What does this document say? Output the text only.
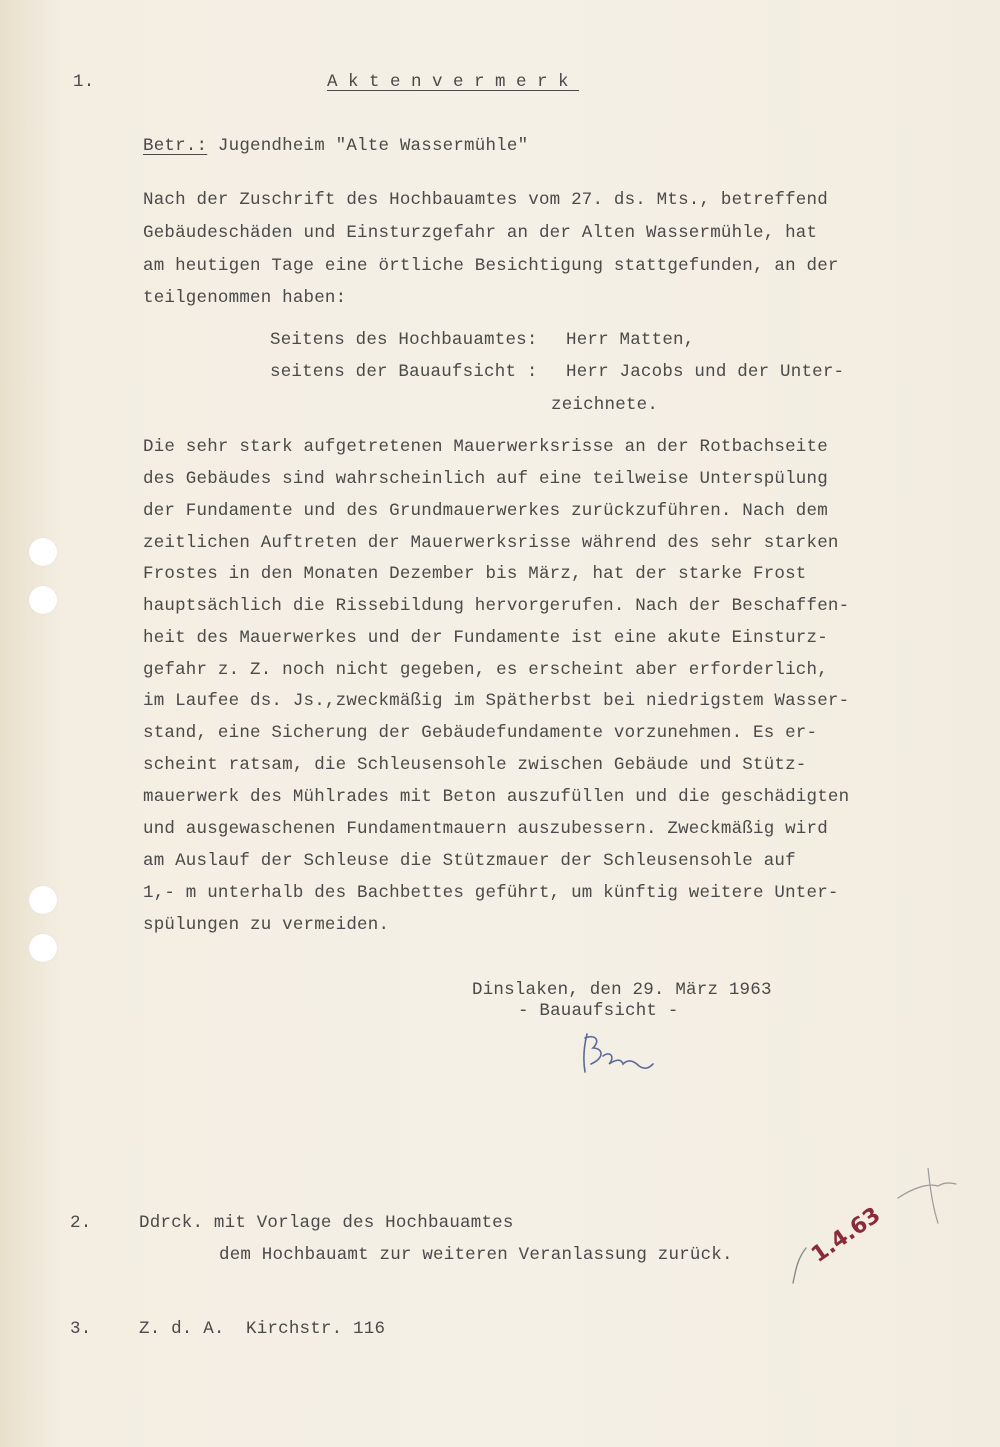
1.
2.
3.
Aktenvermerk
Betr.: Jugendheim "Alte Wassermühle"
Nach der Zuschrift des Hochbauamtes vom 27. ds. Mts., betreffend
Gebäudeschäden und Einsturzgefahr an der Alten Wassermühle, hat
am heutigen Tage eine örtliche Besichtigung stattgefunden, an der
teilgenommen haben:
Seitens des Hochbauamtes: Herr Matten,
seitens der Bauaufsicht : Herr Jacobs und der Unter-
zeichnete.
Die sehr stark aufgetretenen Mauerwerksrisse an der Rotbachseite
des Gebäudes sind wahrscheinlich auf eine teilweise Unterspülung
der Fundamente und des Grundmauerwerkes zurückzuführen. Nach dem
zeitlichen Auftreten der Mauerwerksrisse während des sehr starken
Frostes in den Monaten Dezember bis März, hat der starke Frost
hauptsächlich die Rissebildung hervorgerufen. Nach der Beschaffen-
heit des Mauerwerkes und der Fundamente ist eine akute Einsturz-
gefahr z. Z. noch nicht gegeben, es erscheint aber erforderlich,
im Laufee ds. Js.,zweckmäßig im Spätherbst bei niedrigstem Wasser-
stand, eine Sicherung der Gebäudefundamente vorzunehmen. Es er-
scheint ratsam, die Schleusensohle zwischen Gebäude und Stütz-
mauerwerk des Mühlrades mit Beton auszufüllen und die geschädigten
und ausgewaschenen Fundamentmauern auszubessern. Zweckmäßig wird
am Auslauf der Schleuse die Stützmauer der Schleusensohle auf
1,- m unterhalb des Bachbettes geführt, um künftig weitere Unter-
spülungen zu vermeiden.
Dinslaken, den 29. März 1963
- Bauaufsicht -
Ddrck. mit Vorlage des Hochbauamtes
dem Hochbauamt zur weiteren Veranlassung zurück.	1.4.63
Z. d. A.  Kirchstr. 116
